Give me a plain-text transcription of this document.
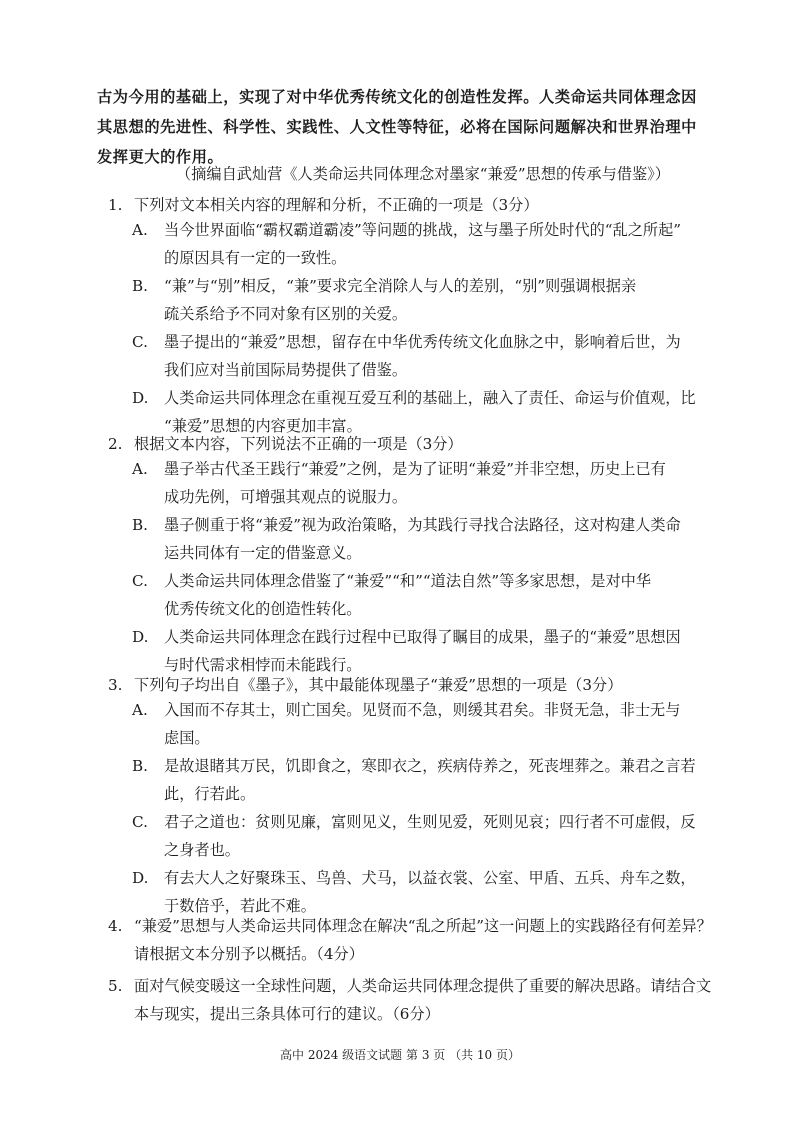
古为今用的基础上，实现了对中华优秀传统文化的创造性发挥。人类命运共同体理念因

其思想的先进性、科学性、实践性、人文性等特征，必将在国际问题解决和世界治理中

发挥更大的作用。

（摘编自武灿营《人类命运共同体理念对墨家“兼爱”思想的传承与借鉴》）
1. 下列对文本相关内容的理解和分析，不正确的一项是（3分）
A. 当今世界面临“霸权霸道霸凌”等问题的挑战，这与墨子所处时代的“乱之所起”
的原因具有一定的一致性。
B. “兼”与“别”相反，“兼”要求完全消除人与人的差别，“别”则强调根据亲
疏关系给予不同对象有区别的关爱。
C. 墨子提出的“兼爱”思想，留存在中华优秀传统文化血脉之中，影响着后世，为
我们应对当前国际局势提供了借鉴。
D. 人类命运共同体理念在重视互爱互利的基础上，融入了责任、命运与价值观，比
“兼爱”思想的内容更加丰富。
2. 根据文本内容，下列说法不正确的一项是（3分）
A. 墨子举古代圣王践行“兼爱”之例，是为了证明“兼爱”并非空想，历史上已有
成功先例，可增强其观点的说服力。
B. 墨子侧重于将“兼爱”视为政治策略，为其践行寻找合法路径，这对构建人类命
运共同体有一定的借鉴意义。
C. 人类命运共同体理念借鉴了“兼爱”“和”“道法自然”等多家思想，是对中华
优秀传统文化的创造性转化。
D. 人类命运共同体理念在践行过程中已取得了瞩目的成果，墨子的“兼爱”思想因
与时代需求相悖而未能践行。
3. 下列句子均出自《墨子》，其中最能体现墨子“兼爱”思想的一项是（3分）
A. 入国而不存其士，则亡国矣。见贤而不急，则缓其君矣。非贤无急，非士无与
虑国。
B. 是故退睹其万民，饥即食之，寒即衣之，疾病侍养之，死丧埋葬之。兼君之言若
此，行若此。
C. 君子之道也：贫则见廉，富则见义，生则见爱，死则见哀；四行者不可虚假，反
之身者也。
D. 有去大人之好聚珠玉、鸟兽、犬马，以益衣裳、公室、甲盾、五兵、舟车之数，
于数倍乎，若此不难。
4. “兼爱”思想与人类命运共同体理念在解决“乱之所起”这一问题上的实践路径有何差异？请根据文本分别予以概括。（4分）
5. 面对气候变暖这一全球性问题，人类命运共同体理念提供了重要的解决思路。请结合文本与现实，提出三条具体可行的建议。（6分）
高中 2024 级语文试题 第 3 页 （共 10 页）
